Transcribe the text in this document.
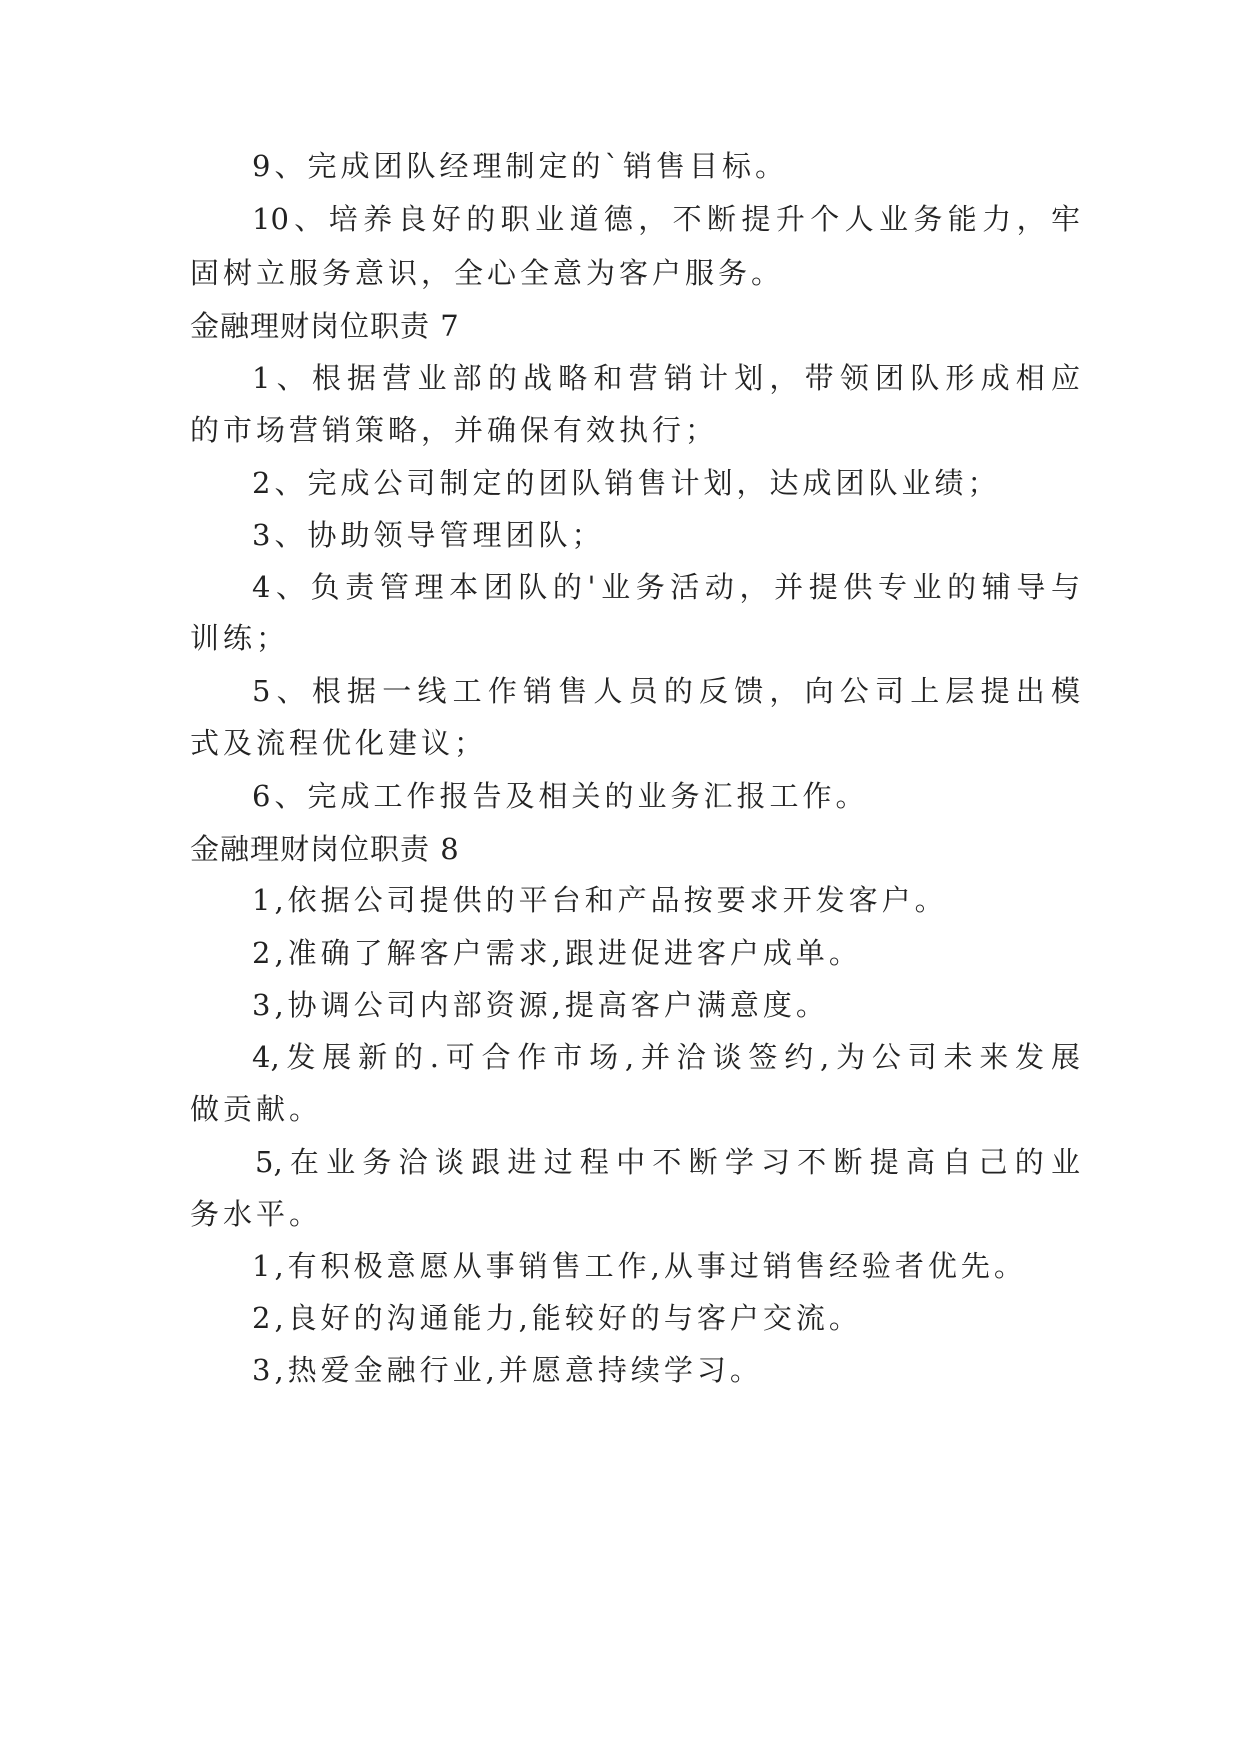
9、完成团队经理制定的`销售目标。
10、培养良好的职业道德，不断提升个人业务能力，牢
固树立服务意识，全心全意为客户服务。
金融理财岗位职责 7
1、根据营业部的战略和营销计划，带领团队形成相应
的市场营销策略，并确保有效执行；
2、完成公司制定的团队销售计划，达成团队业绩；
3、协助领导管理团队；
4、负责管理本团队的'业务活动，并提供专业的辅导与
训练；
5、根据一线工作销售人员的反馈，向公司上层提出模
式及流程优化建议；
6、完成工作报告及相关的业务汇报工作。
金融理财岗位职责 8
1,依据公司提供的平台和产品按要求开发客户。
2,准确了解客户需求,跟进促进客户成单。
3,协调公司内部资源,提高客户满意度。
4,发展新的.可合作市场,并洽谈签约,为公司未来发展
做贡献。
5,在业务洽谈跟进过程中不断学习不断提高自己的业
务水平。
1,有积极意愿从事销售工作,从事过销售经验者优先。
2,良好的沟通能力,能较好的与客户交流。
3,热爱金融行业,并愿意持续学习。
